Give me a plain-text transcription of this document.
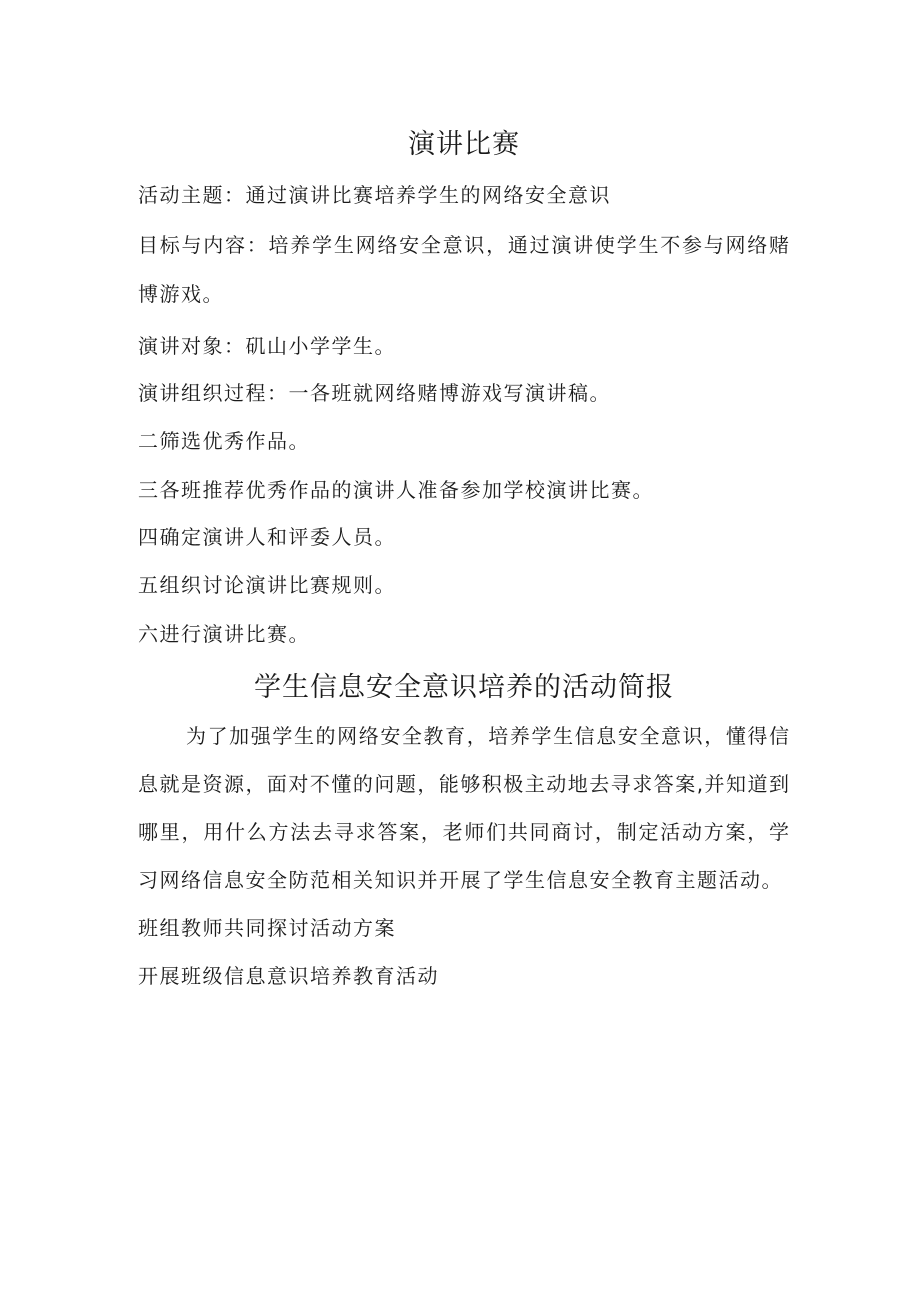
演讲比赛
活动主题：通过演讲比赛培养学生的网络安全意识
目标与内容：培养学生网络安全意识，通过演讲使学生不参与网络赌
博游戏。
演讲对象：矶山小学学生。
演讲组织过程：一各班就网络赌博游戏写演讲稿。
二筛选优秀作品。
三各班推荐优秀作品的演讲人准备参加学校演讲比赛。
四确定演讲人和评委人员。
五组织讨论演讲比赛规则。
六进行演讲比赛。
学生信息安全意识培养的活动简报
为了加强学生的网络安全教育，培养学生信息安全意识，懂得信
息就是资源，面对不懂的问题，能够积极主动地去寻求答案,并知道到
哪里，用什么方法去寻求答案，老师们共同商讨，制定活动方案，学
习网络信息安全防范相关知识并开展了学生信息安全教育主题活动。
班组教师共同探讨活动方案
开展班级信息意识培养教育活动
